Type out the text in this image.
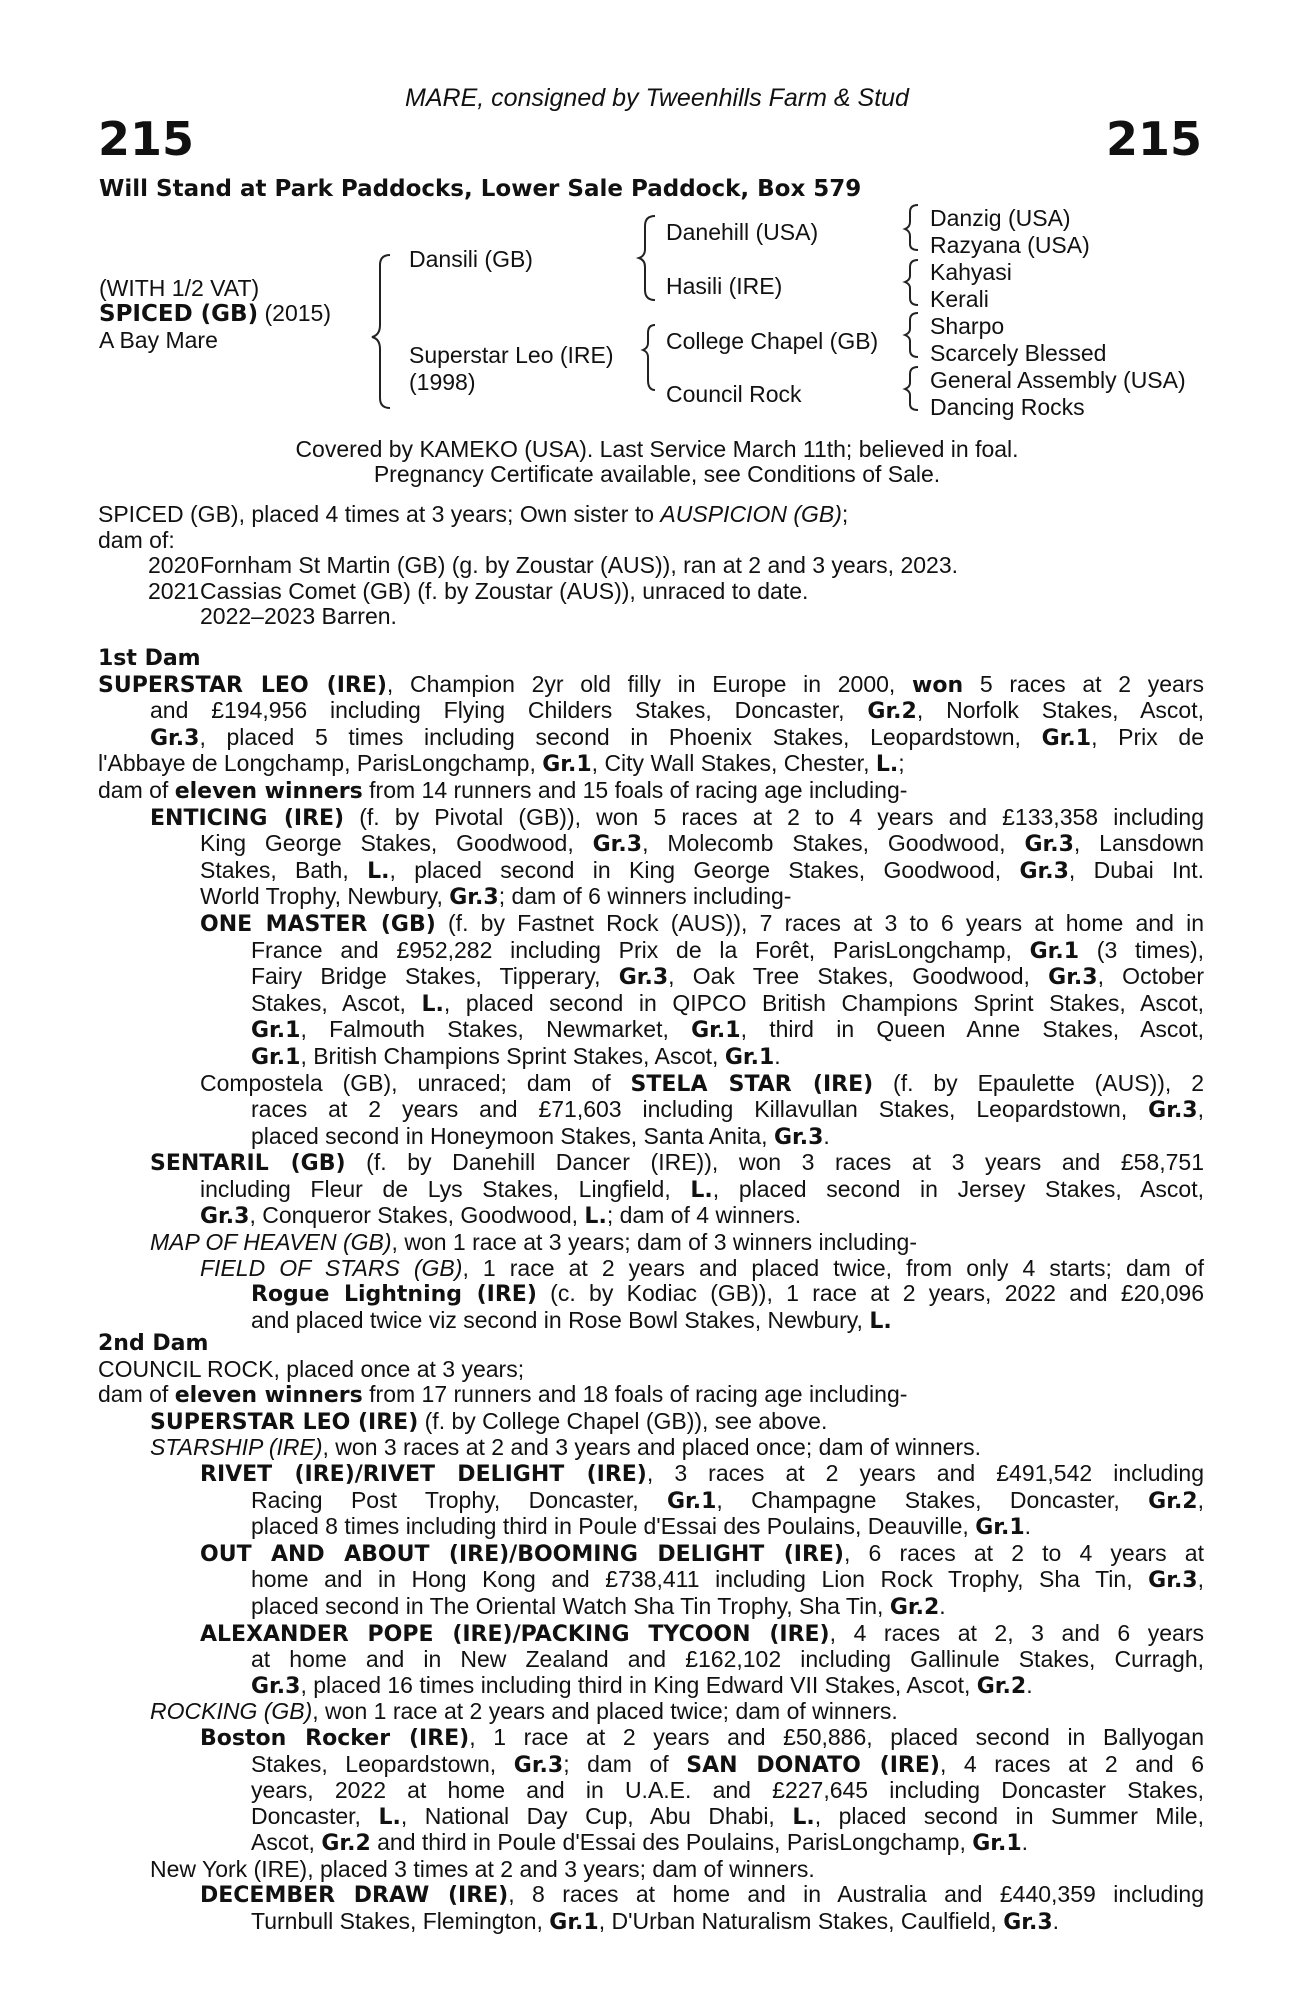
MARE, consigned by Tweenhills Farm & Stud
215	215
Will Stand at Park Paddocks, Lower Sale Paddock, Box 579
(WITH 1/2 VAT)
SPICED (GB) (2015)
A Bay Mare
Dansili (GB)
Superstar Leo (IRE)
(1998)
Danehill (USA)
Hasili (IRE)
College Chapel (GB)
Council Rock
Danzig (USA)
Razyana (USA)
Kahyasi
Kerali
Sharpo
Scarcely Blessed
General Assembly (USA)
Dancing Rocks
Covered by KAMEKO (USA). Last Service March 11th; believed in foal.
Pregnancy Certificate available, see Conditions of Sale.
SPICED (GB), placed 4 times at 3 years; Own sister to AUSPICION (GB);
dam of:
2020Fornham St Martin (GB) (g. by Zoustar (AUS)), ran at 2 and 3 years, 2023.
2021Cassias Comet (GB) (f. by Zoustar (AUS)), unraced to date.
2022–2023 Barren.
1st Dam
SUPERSTAR LEO (IRE), Champion 2yr old filly in Europe in 2000, won 5 races at 2 years
and £194,956 including Flying Childers Stakes, Doncaster, Gr.2, Norfolk Stakes, Ascot,
Gr.3, placed 5 times including second in Phoenix Stakes, Leopardstown, Gr.1, Prix de
l'Abbaye de Longchamp, ParisLongchamp, Gr.1, City Wall Stakes, Chester, L.;
dam of eleven winners from 14 runners and 15 foals of racing age including-
ENTICING (IRE) (f. by Pivotal (GB)), won 5 races at 2 to 4 years and £133,358 including
King George Stakes, Goodwood, Gr.3, Molecomb Stakes, Goodwood, Gr.3, Lansdown
Stakes, Bath, L., placed second in King George Stakes, Goodwood, Gr.3, Dubai Int.
World Trophy, Newbury, Gr.3; dam of 6 winners including-
ONE MASTER (GB) (f. by Fastnet Rock (AUS)), 7 races at 3 to 6 years at home and in
France and £952,282 including Prix de la Forêt, ParisLongchamp, Gr.1 (3 times),
Fairy Bridge Stakes, Tipperary, Gr.3, Oak Tree Stakes, Goodwood, Gr.3, October
Stakes, Ascot, L., placed second in QIPCO British Champions Sprint Stakes, Ascot,
Gr.1, Falmouth Stakes, Newmarket, Gr.1, third in Queen Anne Stakes, Ascot,
Gr.1, British Champions Sprint Stakes, Ascot, Gr.1.
Compostela (GB), unraced; dam of STELA STAR (IRE) (f. by Epaulette (AUS)), 2
races at 2 years and £71,603 including Killavullan Stakes, Leopardstown, Gr.3,
placed second in Honeymoon Stakes, Santa Anita, Gr.3.
SENTARIL (GB) (f. by Danehill Dancer (IRE)), won 3 races at 3 years and £58,751
including Fleur de Lys Stakes, Lingfield, L., placed second in Jersey Stakes, Ascot,
Gr.3, Conqueror Stakes, Goodwood, L.; dam of 4 winners.
MAP OF HEAVEN (GB), won 1 race at 3 years; dam of 3 winners including-
FIELD OF STARS (GB), 1 race at 2 years and placed twice, from only 4 starts; dam of
Rogue Lightning (IRE) (c. by Kodiac (GB)), 1 race at 2 years, 2022 and £20,096
and placed twice viz second in Rose Bowl Stakes, Newbury, L.
2nd Dam
COUNCIL ROCK, placed once at 3 years;
dam of eleven winners from 17 runners and 18 foals of racing age including-
SUPERSTAR LEO (IRE) (f. by College Chapel (GB)), see above.
STARSHIP (IRE), won 3 races at 2 and 3 years and placed once; dam of winners.
RIVET (IRE)/RIVET DELIGHT (IRE), 3 races at 2 years and £491,542 including
Racing Post Trophy, Doncaster, Gr.1, Champagne Stakes, Doncaster, Gr.2,
placed 8 times including third in Poule d'Essai des Poulains, Deauville, Gr.1.
OUT AND ABOUT (IRE)/BOOMING DELIGHT (IRE), 6 races at 2 to 4 years at
home and in Hong Kong and £738,411 including Lion Rock Trophy, Sha Tin, Gr.3,
placed second in The Oriental Watch Sha Tin Trophy, Sha Tin, Gr.2.
ALEXANDER POPE (IRE)/PACKING TYCOON (IRE), 4 races at 2, 3 and 6 years
at home and in New Zealand and £162,102 including Gallinule Stakes, Curragh,
Gr.3, placed 16 times including third in King Edward VII Stakes, Ascot, Gr.2.
ROCKING (GB), won 1 race at 2 years and placed twice; dam of winners.
Boston Rocker (IRE), 1 race at 2 years and £50,886, placed second in Ballyogan
Stakes, Leopardstown, Gr.3; dam of SAN DONATO (IRE), 4 races at 2 and 6
years, 2022 at home and in U.A.E. and £227,645 including Doncaster Stakes,
Doncaster, L., National Day Cup, Abu Dhabi, L., placed second in Summer Mile,
Ascot, Gr.2 and third in Poule d'Essai des Poulains, ParisLongchamp, Gr.1.
New York (IRE), placed 3 times at 2 and 3 years; dam of winners.
DECEMBER DRAW (IRE), 8 races at home and in Australia and £440,359 including
Turnbull Stakes, Flemington, Gr.1, D'Urban Naturalism Stakes, Caulfield, Gr.3.
